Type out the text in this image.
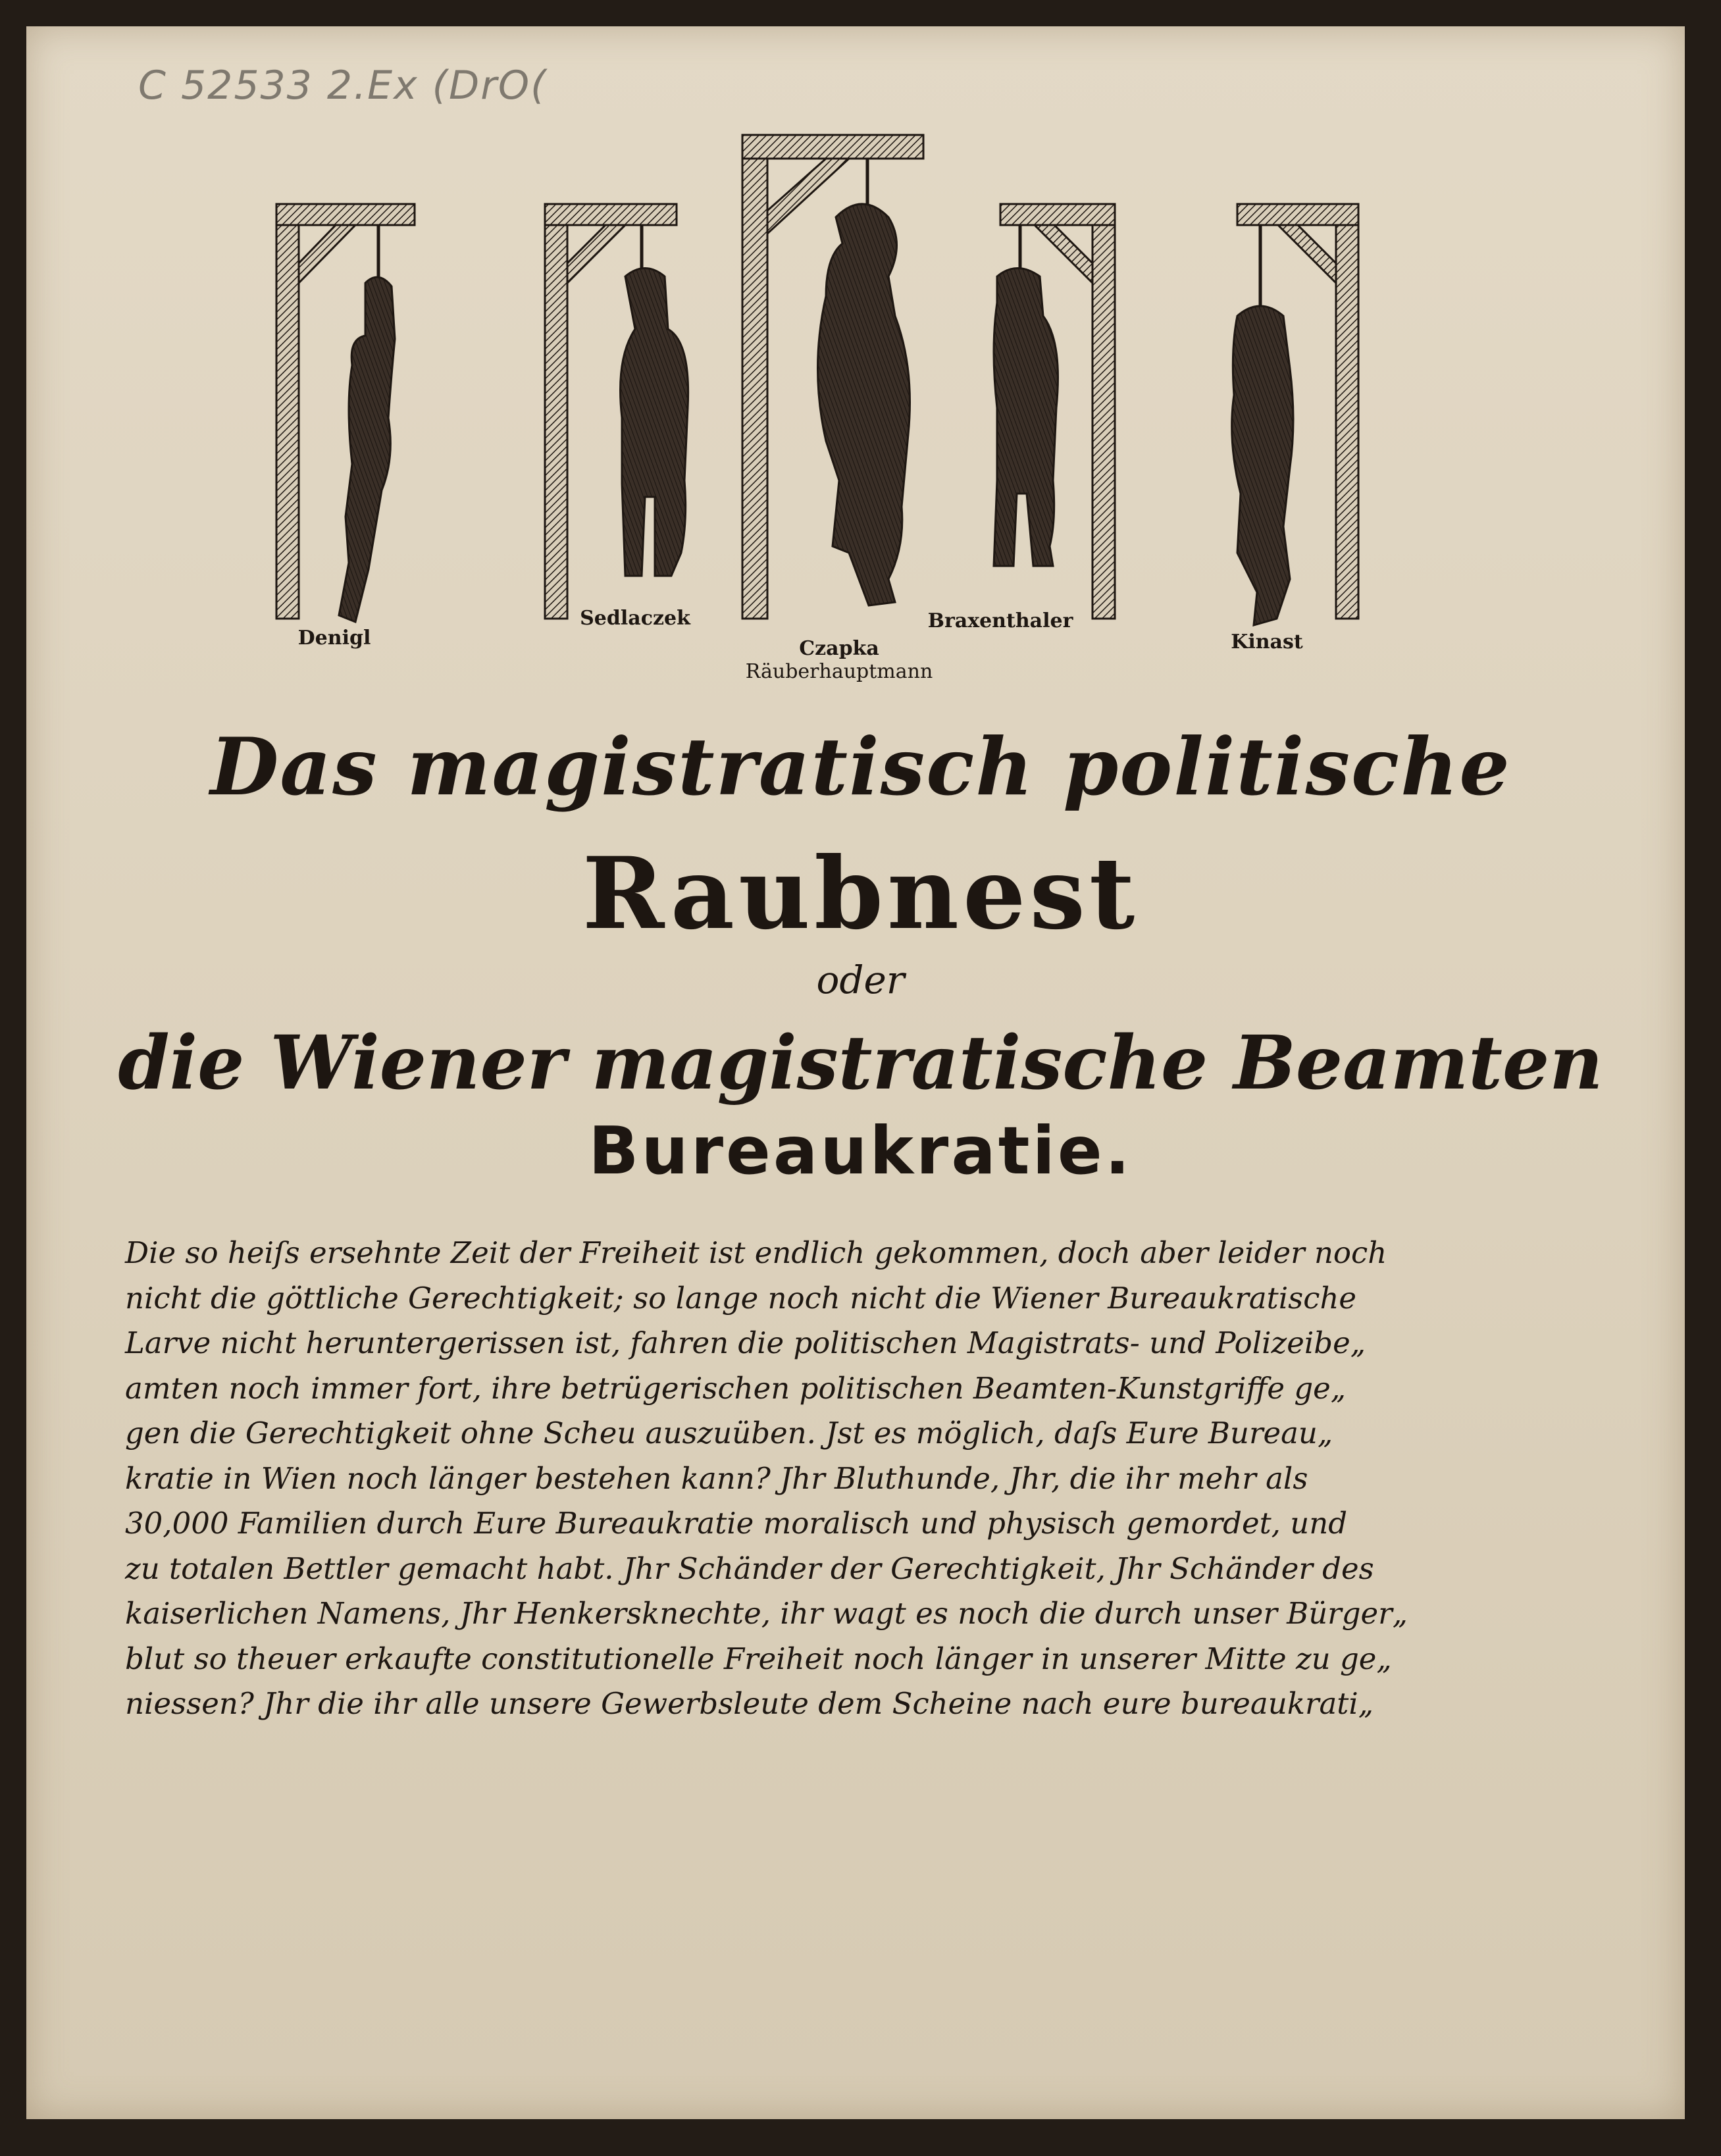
C 52533 2.Ex (DrO(
Denigl
Sedlaczek
Czapka
Räuberhauptmann
Braxenthaler
Kinast
Das magistratisch politische
Raubnest
oder
die Wiener magistratische Beamten
Bureaukratie.
Die so heiſs ersehnte Zeit der Freiheit ist endlich gekommen, doch aber leider noch
nicht die göttliche Gerechtigkeit; so lange noch nicht die Wiener Bureaukratische
Larve nicht heruntergerissen ist, fahren die politischen Magistrats- und Polizeibe„
amten noch immer fort, ihre betrügerischen politischen Beamten-Kunstgriffe ge„
gen die Gerechtigkeit ohne Scheu auszuüben. Jst es möglich, daſs Eure Bureau„
kratie in Wien noch länger bestehen kann? Jhr Bluthunde, Jhr, die ihr mehr als
30,000 Familien durch Eure Bureaukratie moralisch und physisch gemordet, und
zu totalen Bettler gemacht habt. Jhr Schänder der Gerechtigkeit, Jhr Schänder des
kaiserlichen Namens, Jhr Henkersknechte, ihr wagt es noch die durch unser Bürger„
blut so theuer erkaufte constitutionelle Freiheit noch länger in unserer Mitte zu ge„
niessen? Jhr die ihr alle unsere Gewerbsleute dem Scheine nach eure bureaukrati„
